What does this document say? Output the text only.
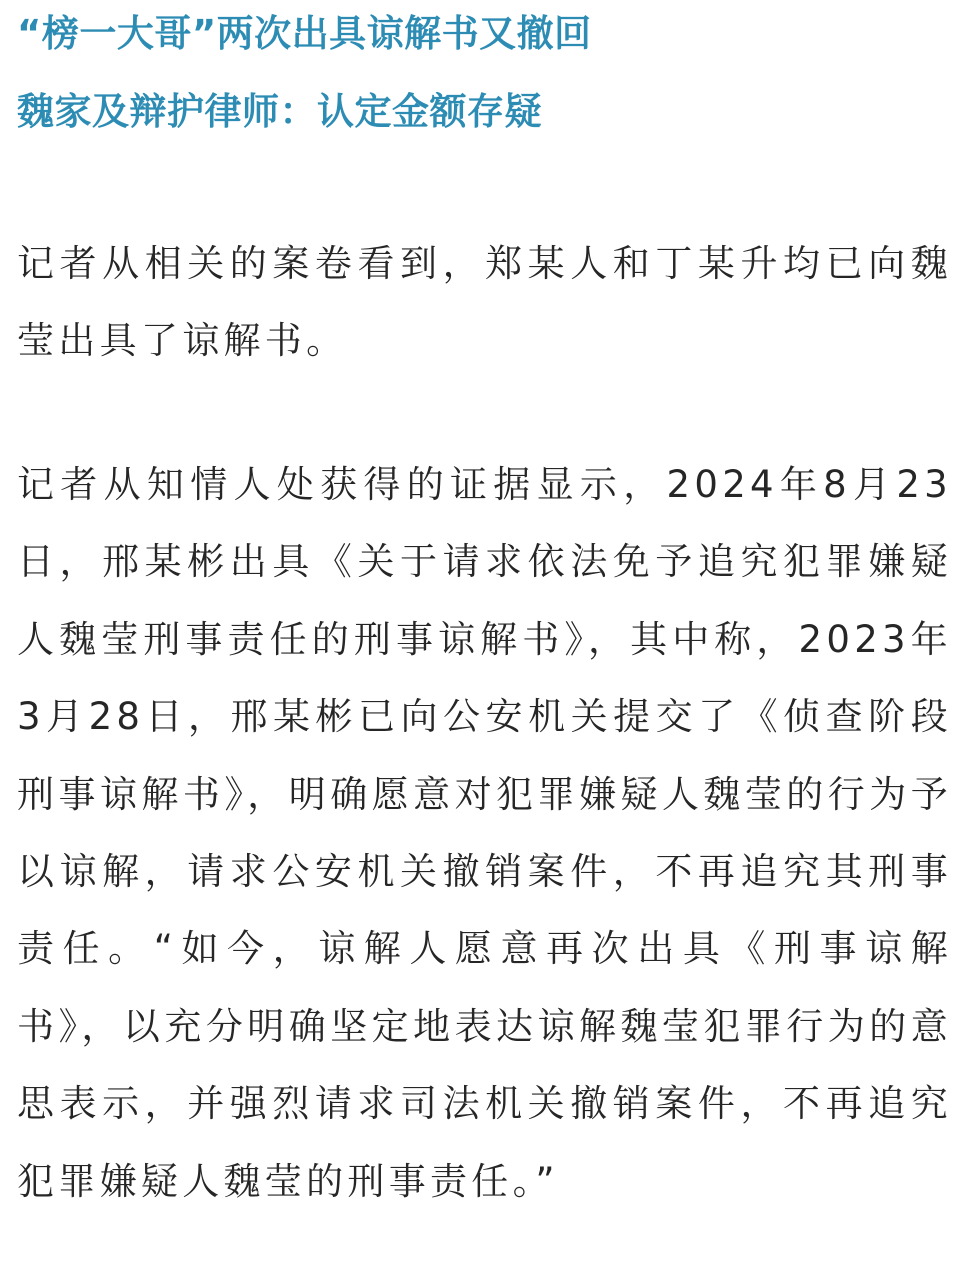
“榜一大哥”两次出具谅解书又撤回
魏家及辩护律师：认定金额存疑

记者从相关的案卷看到，郑某人和丁某升均已向魏莹出具了谅解书。

记者从知情人处获得的证据显示，2024年8月23日，邢某彬出具《关于请求依法免予追究犯罪嫌疑人魏莹刑事责任的刑事谅解书》，其中称，2023年3月28日，邢某彬已向公安机关提交了《侦查阶段刑事谅解书》，明确愿意对犯罪嫌疑人魏莹的行为予以谅解，请求公安机关撤销案件，不再追究其刑事责任。“如今，谅解人愿意再次出具《刑事谅解书》，以充分明确坚定地表达谅解魏莹犯罪行为的意思表示，并强烈请求司法机关撤销案件，不再追究犯罪嫌疑人魏莹的刑事责任。”
